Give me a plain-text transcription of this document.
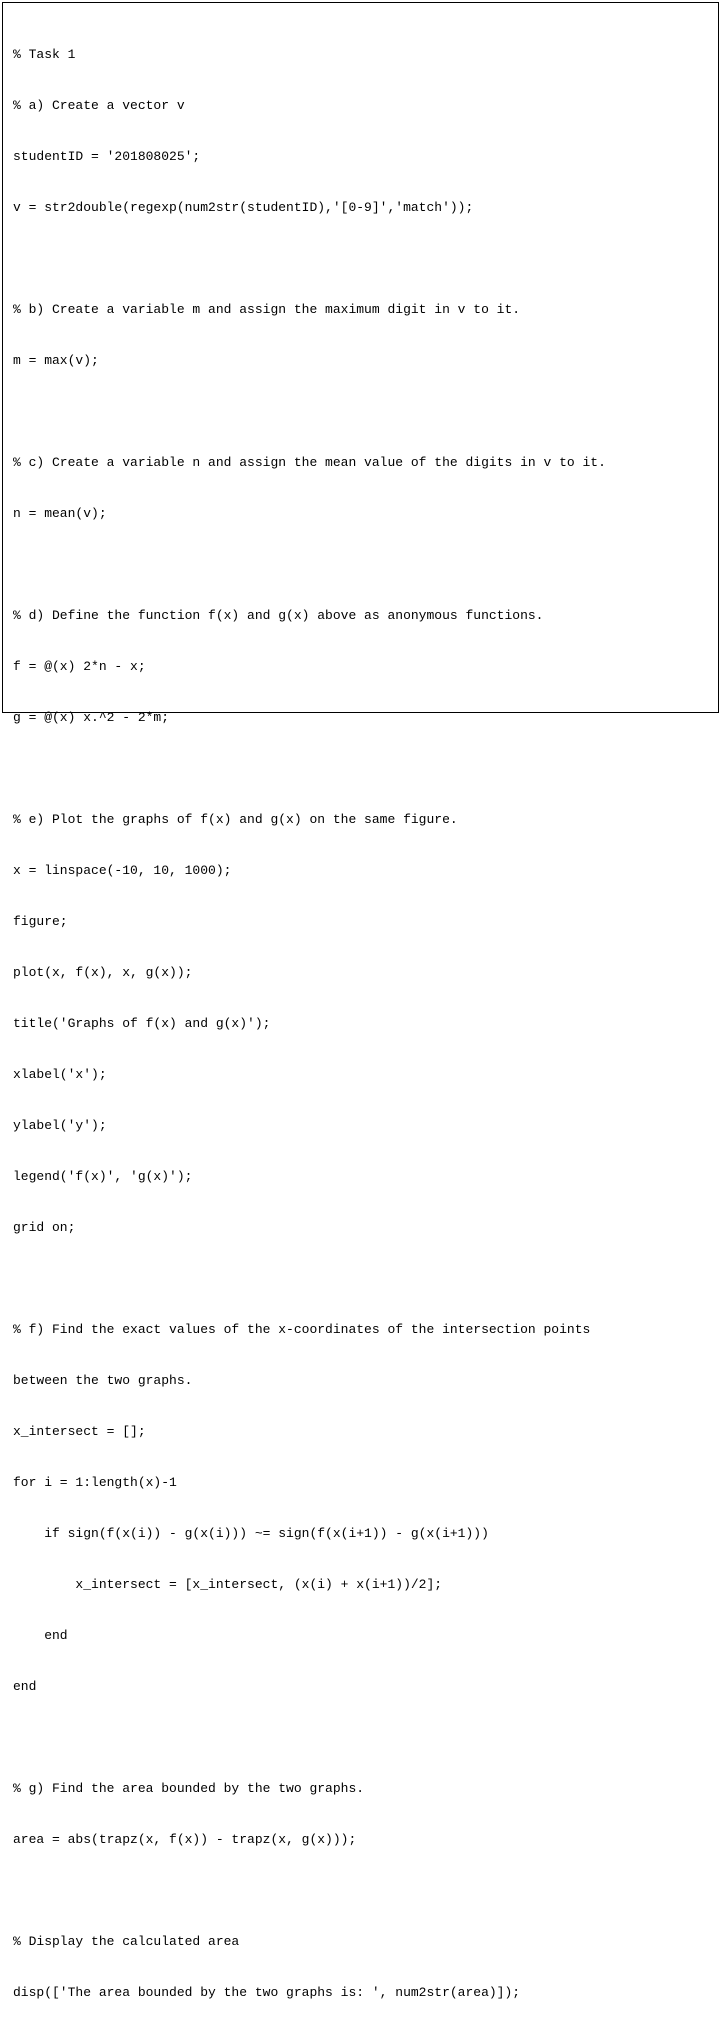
% Task 1

% a) Create a vector v

studentID = '201808025';

v = str2double(regexp(num2str(studentID),'[0-9]','match'));

% b) Create a variable m and assign the maximum digit in v to it.

m = max(v);

% c) Create a variable n and assign the mean value of the digits in v to it.

n = mean(v);

% d) Define the function f(x) and g(x) above as anonymous functions.

f = @(x) 2*n - x;

g = @(x) x.^2 - 2*m;

% e) Plot the graphs of f(x) and g(x) on the same figure.

x = linspace(-10, 10, 1000);

figure;

plot(x, f(x), x, g(x));

title('Graphs of f(x) and g(x)');

xlabel('x');

ylabel('y');

legend('f(x)', 'g(x)');

grid on;

% f) Find the exact values of the x-coordinates of the intersection points

between the two graphs.

x_intersect = [];

for i = 1:length(x)-1

if sign(f(x(i)) - g(x(i))) ~= sign(f(x(i+1)) - g(x(i+1)))

x_intersect = [x_intersect, (x(i) + x(i+1))/2];

end

end

% g) Find the area bounded by the two graphs.

area = abs(trapz(x, f(x)) - trapz(x, g(x)));

% Display the calculated area

disp(['The area bounded by the two graphs is: ', num2str(area)]);
